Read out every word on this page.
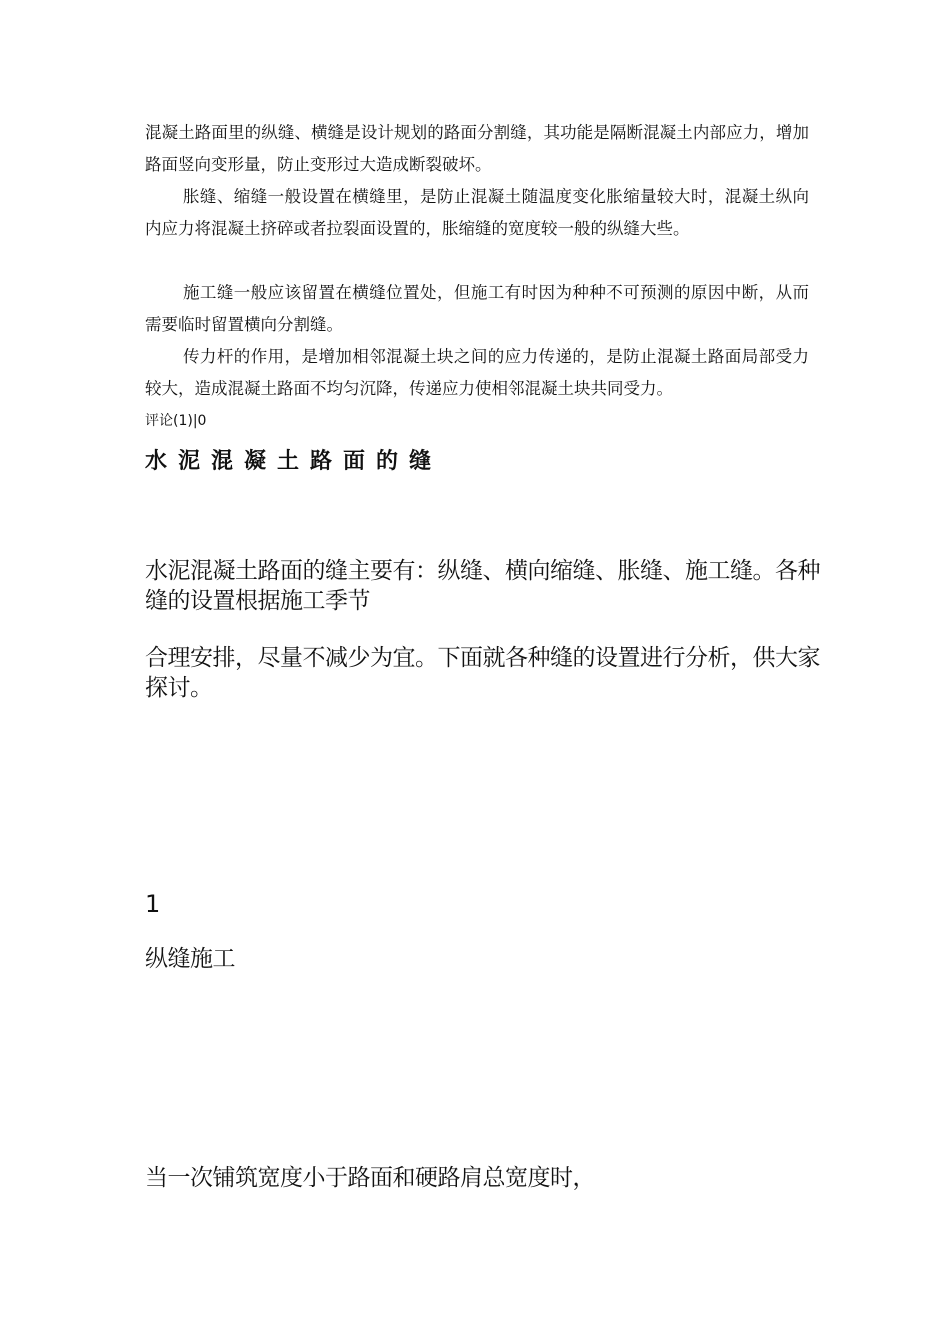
混凝土路面里的纵缝、横缝是设计规划的路面分割缝，其功能是隔断混凝土内部应力，增加路面竖向变形量，防止变形过大造成断裂破坏。

胀缝、缩缝一般设置在横缝里，是防止混凝土随温度变化胀缩量较大时，混凝土纵向内应力将混凝土挤碎或者拉裂面设置的，胀缩缝的宽度较一般的纵缝大些。

施工缝一般应该留置在横缝位置处，但施工有时因为种种不可预测的原因中断，从而需要临时留置横向分割缝。

传力杆的作用，是增加相邻混凝土块之间的应力传递的，是防止混凝土路面局部受力较大，造成混凝土路面不均匀沉降，传递应力使相邻混凝土块共同受力。

评论(1)|0
水泥混凝土路面的缝
水泥混凝土路面的缝主要有：纵缝、横向缩缝、胀缝、施工缝。各种缝的设置根据施工季节
合理安排，尽量不减少为宜。下面就各种缝的设置进行分析，供大家探讨。
1
纵缝施工
当一次铺筑宽度小于路面和硬路肩总宽度时，
